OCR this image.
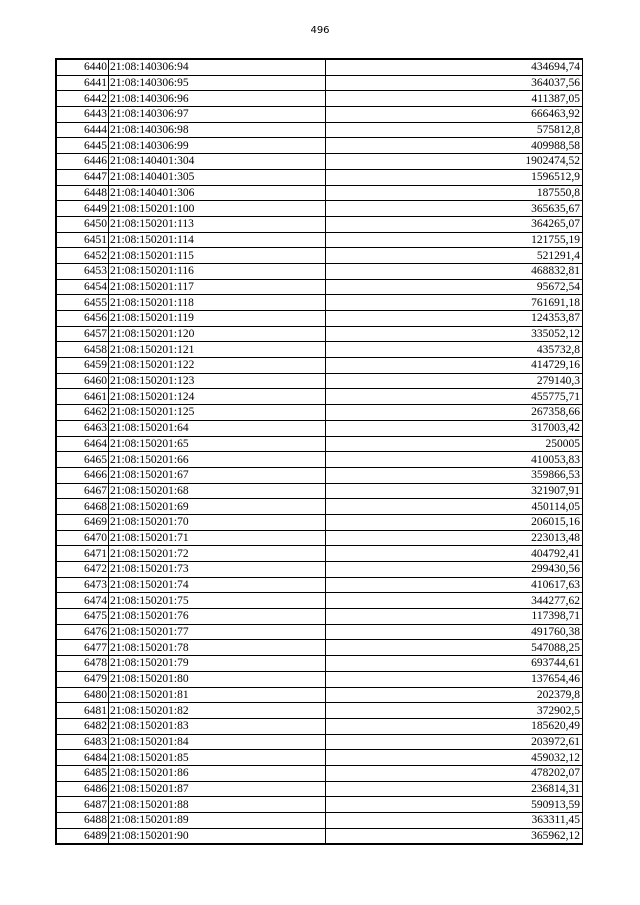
496
6440	21:08:140306:94	434694,74
6441	21:08:140306:95	364037,56
6442	21:08:140306:96	411387,05
6443	21:08:140306:97	666463,92
6444	21:08:140306:98	575812,8
6445	21:08:140306:99	409988,58
6446	21:08:140401:304	1902474,52
6447	21:08:140401:305	1596512,9
6448	21:08:140401:306	187550,8
6449	21:08:150201:100	365635,67
6450	21:08:150201:113	364265,07
6451	21:08:150201:114	121755,19
6452	21:08:150201:115	521291,4
6453	21:08:150201:116	468832,81
6454	21:08:150201:117	95672,54
6455	21:08:150201:118	761691,18
6456	21:08:150201:119	124353,87
6457	21:08:150201:120	335052,12
6458	21:08:150201:121	435732,8
6459	21:08:150201:122	414729,16
6460	21:08:150201:123	279140,3
6461	21:08:150201:124	455775,71
6462	21:08:150201:125	267358,66
6463	21:08:150201:64	317003,42
6464	21:08:150201:65	250005
6465	21:08:150201:66	410053,83
6466	21:08:150201:67	359866,53
6467	21:08:150201:68	321907,91
6468	21:08:150201:69	450114,05
6469	21:08:150201:70	206015,16
6470	21:08:150201:71	223013,48
6471	21:08:150201:72	404792,41
6472	21:08:150201:73	299430,56
6473	21:08:150201:74	410617,63
6474	21:08:150201:75	344277,62
6475	21:08:150201:76	117398,71
6476	21:08:150201:77	491760,38
6477	21:08:150201:78	547088,25
6478	21:08:150201:79	693744,61
6479	21:08:150201:80	137654,46
6480	21:08:150201:81	202379,8
6481	21:08:150201:82	372902,5
6482	21:08:150201:83	185620,49
6483	21:08:150201:84	203972,61
6484	21:08:150201:85	459032,12
6485	21:08:150201:86	478202,07
6486	21:08:150201:87	236814,31
6487	21:08:150201:88	590913,59
6488	21:08:150201:89	363311,45
6489	21:08:150201:90	365962,12
